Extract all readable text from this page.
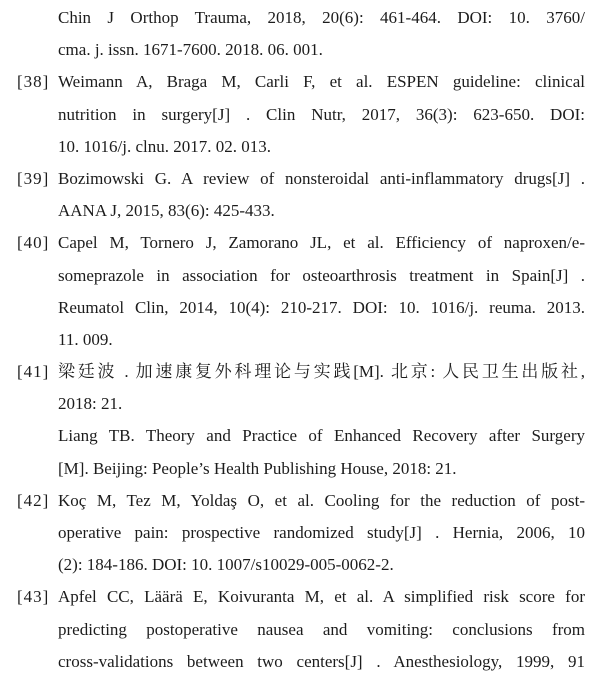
Chin J Orthop Trauma, 2018, 20(6): 461-464. DOI: 10. 3760/
cma. j. issn. 1671-7600. 2018. 06. 001.
[38] Weimann A, Braga M, Carli F, et al. ESPEN guideline: clinical
nutrition in surgery[J] . Clin Nutr, 2017, 36(3): 623-650. DOI:
10. 1016/j. clnu. 2017. 02. 013.
[39] Bozimowski G. A review of nonsteroidal anti-inflammatory drugs[J] .
AANA J, 2015, 83(6): 425-433.
[40] Capel M, Tornero J, Zamorano JL, et al. Efficiency of naproxen/e-
someprazole in association for osteoarthrosis treatment in Spain[J] .
Reumatol Clin, 2014, 10(4): 210-217. DOI: 10. 1016/j. reuma. 2013.
11. 009.
[41] 梁廷波 . 加速康复外科理论与实践[M]. 北京: 人民卫生出版社,
2018: 21.
Liang TB. Theory and Practice of Enhanced Recovery after Surgery
[M]. Beijing: People’s Health Publishing House, 2018: 21.
[42] Koç M, Tez M, Yoldaş O, et al. Cooling for the reduction of post-
operative pain: prospective randomized study[J] . Hernia, 2006, 10
(2): 184-186. DOI: 10. 1007/s10029-005-0062-2.
[43] Apfel CC, Läärä E, Koivuranta M, et al. A simplified risk score for
predicting postoperative nausea and vomiting: conclusions from
cross-validations between two centers[J] . Anesthesiology, 1999, 91
